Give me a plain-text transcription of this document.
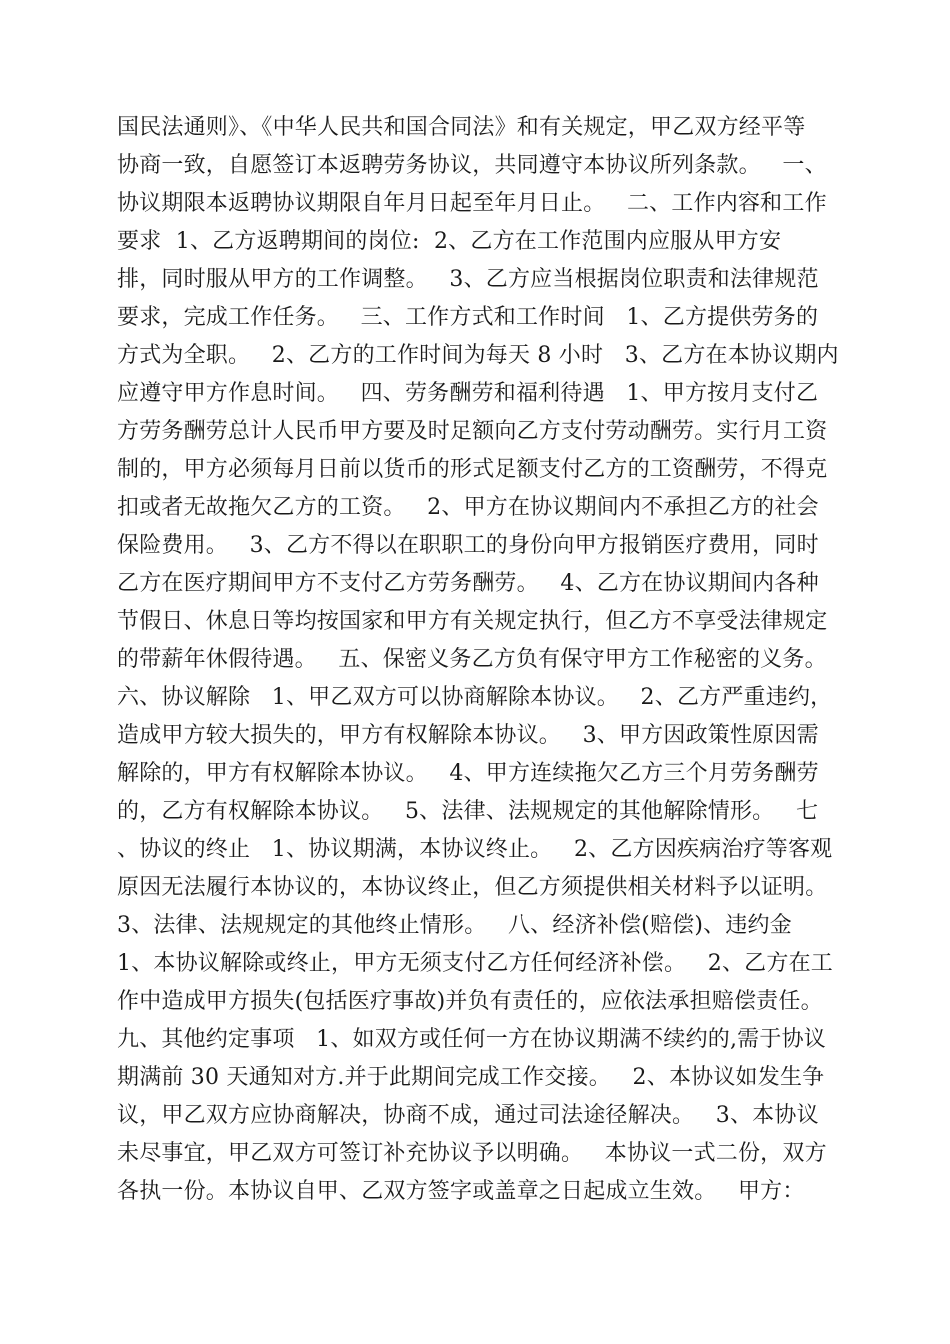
国民法通则》、《中华人民共和国合同法》和有关规定，甲乙双方经平等
协商一致，自愿签订本返聘劳务协议，共同遵守本协议所列条款。   一、
协议期限本返聘协议期限自年月日起至年月日止。   二、工作内容和工作
要求  1、乙方返聘期间的岗位:  2、乙方在工作范围内应服从甲方安
排，同时服从甲方的工作调整。   3、乙方应当根据岗位职责和法律规范
要求，完成工作任务。   三、工作方式和工作时间   1、乙方提供劳务的
方式为全职。   2、乙方的工作时间为每天 8 小时   3、乙方在本协议期内
应遵守甲方作息时间。   四、劳务酬劳和福利待遇   1、甲方按月支付乙
方劳务酬劳总计人民币甲方要及时足额向乙方支付劳动酬劳。实行月工资
制的，甲方必须每月日前以货币的形式足额支付乙方的工资酬劳，不得克
扣或者无故拖欠乙方的工资。   2、甲方在协议期间内不承担乙方的社会
保险费用。   3、乙方不得以在职职工的身份向甲方报销医疗费用，同时
乙方在医疗期间甲方不支付乙方劳务酬劳。   4、乙方在协议期间内各种
节假日、休息日等均按国家和甲方有关规定执行，但乙方不享受法律规定
的带薪年休假待遇。   五、保密义务乙方负有保守甲方工作秘密的义务。
六、协议解除   1、甲乙双方可以协商解除本协议。   2、乙方严重违约，
造成甲方较大损失的，甲方有权解除本协议。   3、甲方因政策性原因需
解除的，甲方有权解除本协议。   4、甲方连续拖欠乙方三个月劳务酬劳
的，乙方有权解除本协议。   5、法律、法规规定的其他解除情形。   七
、协议的终止   1、协议期满，本协议终止。   2、乙方因疾病治疗等客观
原因无法履行本协议的，本协议终止，但乙方须提供相关材料予以证明。
3、法律、法规规定的其他终止情形。   八、经济补偿(赔偿)、违约金
1、本协议解除或终止，甲方无须支付乙方任何经济补偿。   2、乙方在工
作中造成甲方损失(包括医疗事故)并负有责任的，应依法承担赔偿责任。
九、其他约定事项   1、如双方或任何一方在协议期满不续约的,需于协议
期满前 30 天通知对方.并于此期间完成工作交接。   2、本协议如发生争
议，甲乙双方应协商解决，协商不成，通过司法途径解决。   3、本协议
未尽事宜，甲乙双方可签订补充协议予以明确。   本协议一式二份，双方
各执一份。本协议自甲、乙双方签字或盖章之日起成立生效。   甲方：
